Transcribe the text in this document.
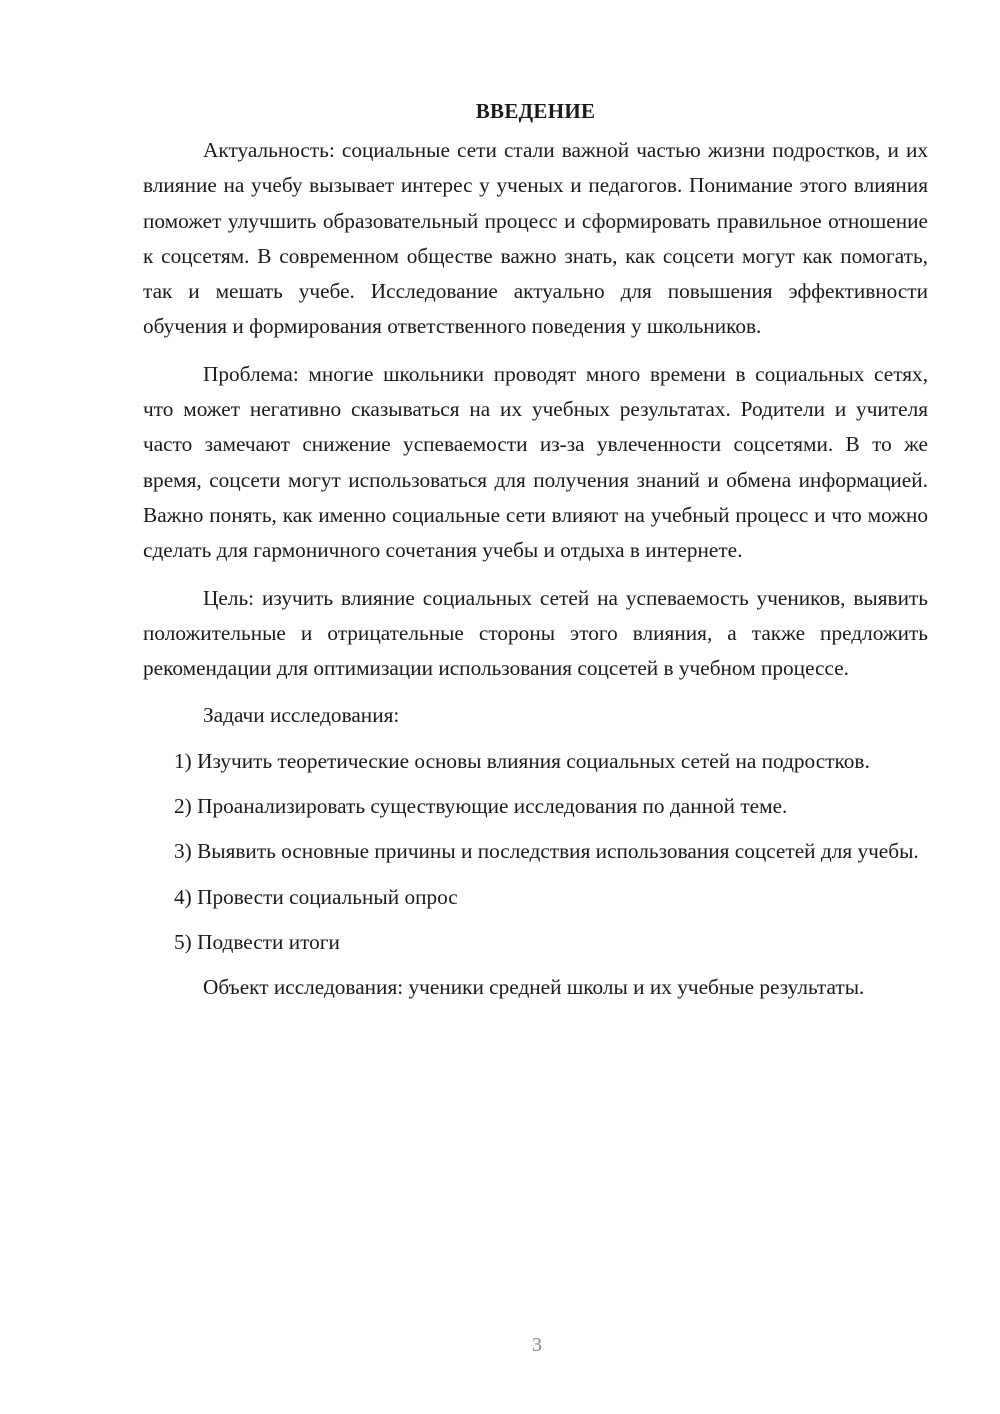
ВВЕДЕНИЕ

Актуальность: социальные сети стали важной частью жизни подростков, и их влияние на учебу вызывает интерес у ученых и педагогов. Понимание этого влияния поможет улучшить образовательный процесс и сформировать правильное отношение к соцсетям. В современном обществе важно знать, как соцсети могут как помогать, так и мешать учебе. Исследование актуально для повышения эффективности обучения и формирования ответственного поведения у школьников.

Проблема: многие школьники проводят много времени в социальных сетях, что может негативно сказываться на их учебных результатах. Родители и учителя часто замечают снижение успеваемости из-за увлеченности соцсетями. В то же время, соцсети могут использоваться для получения знаний и обмена информацией. Важно понять, как именно социальные сети влияют на учебный процесс и что можно сделать для гармоничного сочетания учебы и отдыха в интернете.

Цель: изучить влияние социальных сетей на успеваемость учеников, выявить положительные и отрицательные стороны этого влияния, а также предложить рекомендации для оптимизации использования соцсетей в учебном процессе.

Задачи исследования:

1) Изучить теоретические основы влияния социальных сетей на подростков.

2) Проанализировать существующие исследования по данной теме.

3) Выявить основные причины и последствия использования соцсетей для учебы.

4) Провести социальный опрос

5) Подвести итоги

Объект исследования: ученики средней школы и их учебные результаты.

3
